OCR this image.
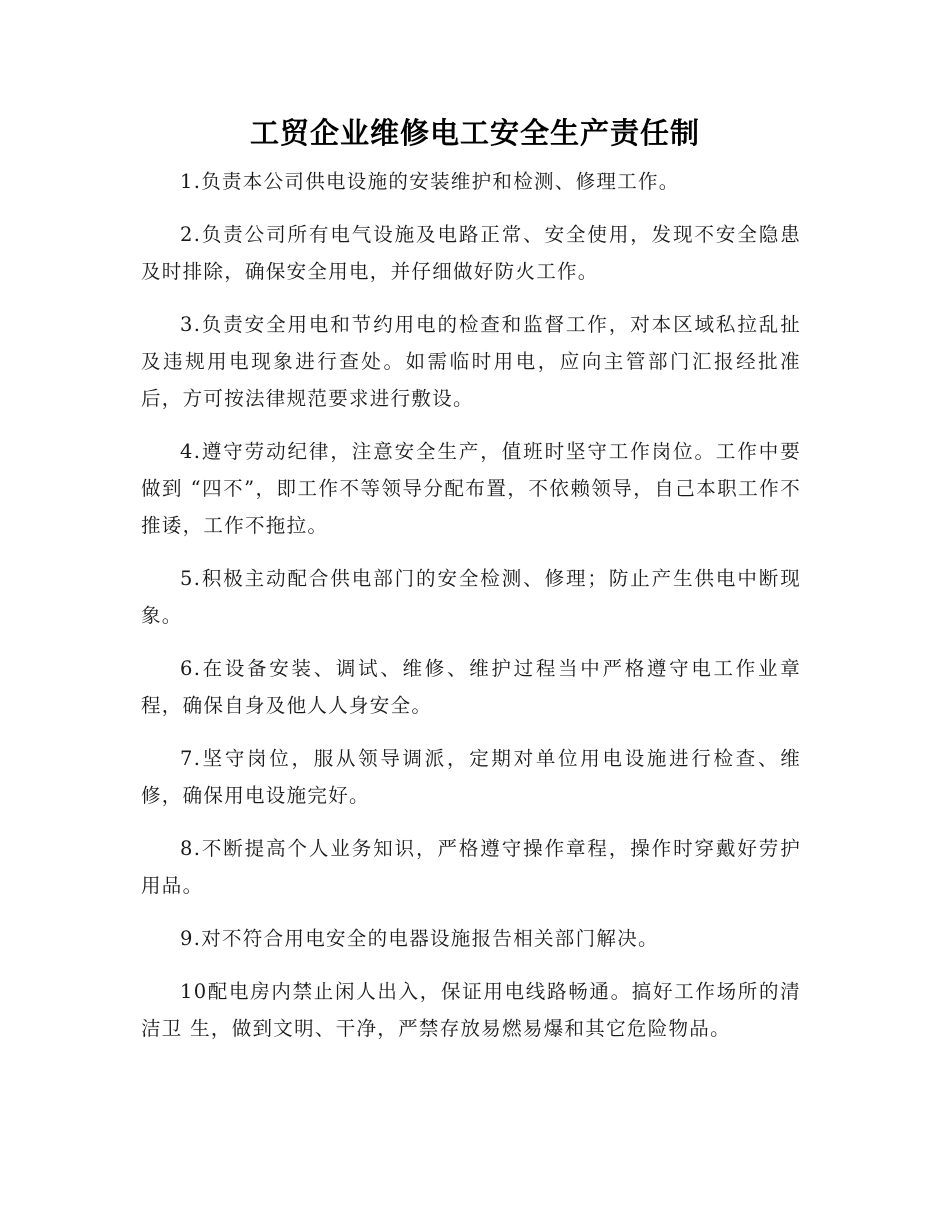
工贸企业维修电工安全生产责任制

1.负责本公司供电设施的安装维护和检测、修理工作。

2.负责公司所有电气设施及电路正常、安全使用，发现不安全隐患及时排除，确保安全用电，并仔细做好防火工作。

3.负责安全用电和节约用电的检查和监督工作，对本区域私拉乱扯及违规用电现象进行查处。如需临时用电，应向主管部门汇报经批准后，方可按法律规范要求进行敷设。

4.遵守劳动纪律，注意安全生产，值班时坚守工作岗位。工作中要做到 “四不”，即工作不等领导分配布置，不依赖领导，自己本职工作不推诿，工作不拖拉。

5.积极主动配合供电部门的安全检测、修理；防止产生供电中断现象。

6.在设备安装、调试、维修、维护过程当中严格遵守电工作业章程，确保自身及他人人身安全。

7.坚守岗位，服从领导调派，定期对单位用电设施进行检查、维修，确保用电设施完好。

8.不断提高个人业务知识，严格遵守操作章程，操作时穿戴好劳护用品。

9.对不符合用电安全的电器设施报告相关部门解决。

10配电房内禁止闲人出入，保证用电线路畅通。搞好工作场所的清洁卫 生，做到文明、干净，严禁存放易燃易爆和其它危险物品。
